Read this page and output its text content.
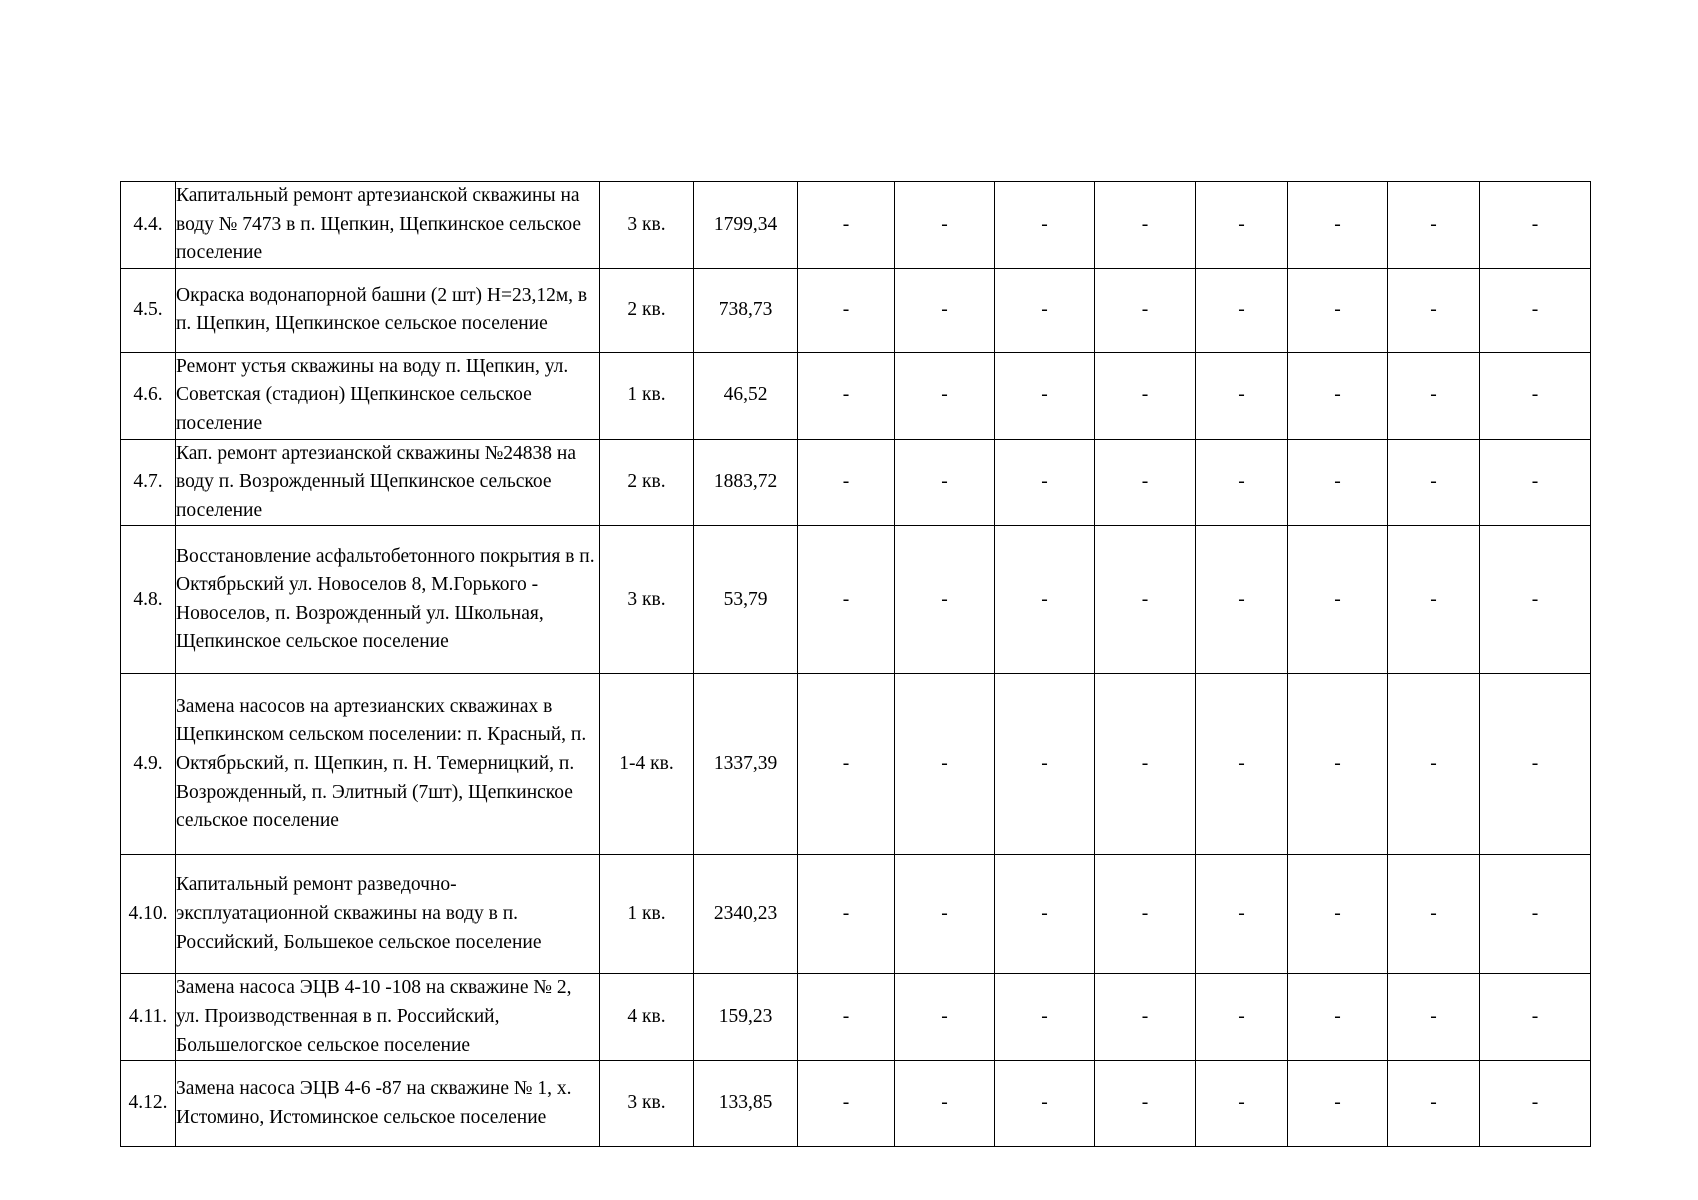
4.4.	Капитальный ремонт артезианской скважины на воду № 7473 в п. Щепкин, Щепкинское сельское поселение	3 кв.	1799,34	-	-	-	-	-	-	-	-
4.5.	Окраска водонапорной башни (2 шт) H=23,12м, в п. Щепкин, Щепкинское сельское поселение	2 кв.	738,73	-	-	-	-	-	-	-	-
4.6.	Ремонт устья скважины на воду п. Щепкин, ул. Советская (стадион) Щепкинское сельское поселение	1 кв.	46,52	-	-	-	-	-	-	-	-
4.7.	Кап. ремонт артезианской скважины №24838 на воду п. Возрожденный Щепкинское сельское поселение	2 кв.	1883,72	-	-	-	-	-	-	-	-
4.8.	Восстановление асфальтобетонного покрытия в п. Октябрьский ул. Новоселов 8, М.Горького - Новоселов, п. Возрожденный ул. Школьная, Щепкинское сельское поселение	3 кв.	53,79	-	-	-	-	-	-	-	-
4.9.	Замена насосов на артезианских скважинах в Щепкинском сельском поселении: п. Красный, п. Октябрьский, п. Щепкин, п. Н. Темерницкий, п. Возрожденный, п. Элитный (7шт), Щепкинское сельское поселение	1-4 кв.	1337,39	-	-	-	-	-	-	-	-
4.10.	Капитальный ремонт разведочно-эксплуатационной скважины на воду в п. Российский, Большекое сельское поселение	1 кв.	2340,23	-	-	-	-	-	-	-	-
4.11.	Замена насоса ЭЦВ 4-10 -108 на скважине № 2, ул. Производственная в п. Российский, Большелогское сельское поселение	4 кв.	159,23	-	-	-	-	-	-	-	-
4.12.	Замена насоса ЭЦВ 4-6 -87 на скважине № 1, х. Истомино, Истоминское сельское поселение	3 кв.	133,85	-	-	-	-	-	-	-	-
